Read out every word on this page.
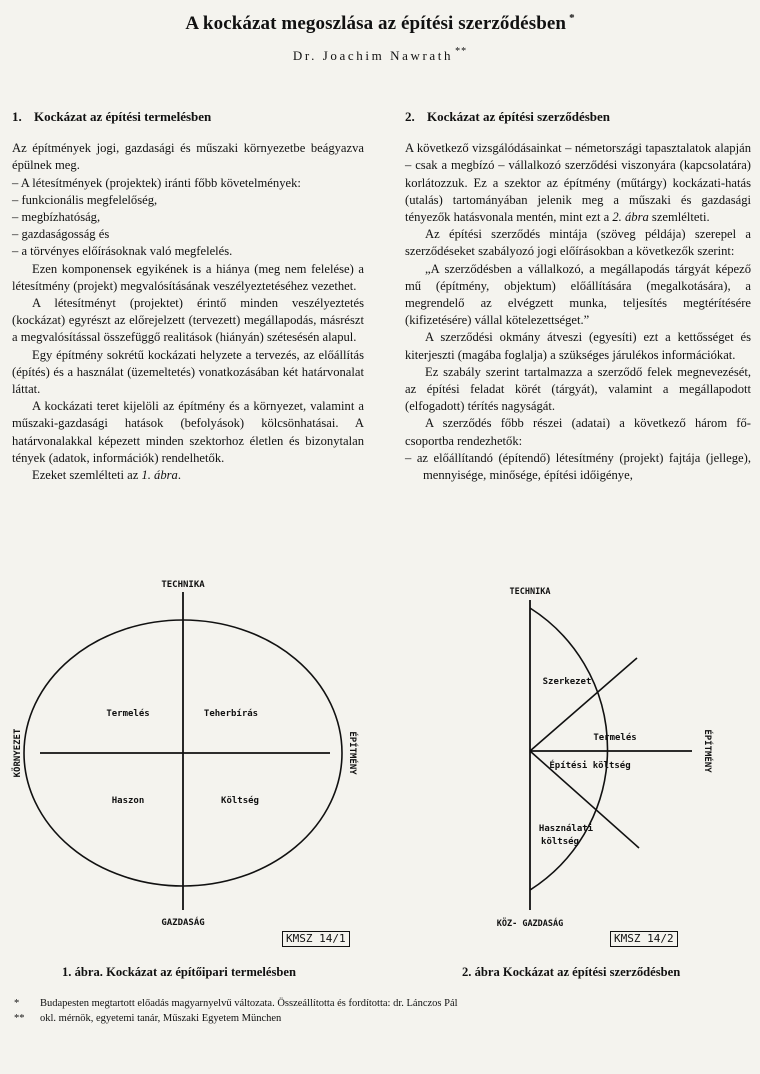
A kockázat megoszlása az építési szerződésben *
Dr. Joachim Nawrath **
1. Kockázat az építési termelésben

Az építmények jogi, gazdasági és műszaki környezetbe beágyazva épülnek meg.

– A létesítmények (projektek) iránti főbb követelmények:

– funkcionális megfelelőség,

– megbízhatóság,

– gazdaságosság és

– a törvényes előírásoknak való megfelelés.

Ezen komponensek egyikének is a hiánya (meg nem felelése) a létesítmény (projekt) megvalósításának veszélyeztetéséhez vezethet.

A létesítményt (projektet) érintő minden veszélyeztetés (kockázat) egyrészt az előrejelzett (tervezett) megállapodás, másrészt a megvalósítással összefüggő realitások (hiányán) szétesésén alapul.

Egy építmény sokrétű kockázati helyzete a tervezés, az előállítás (építés) és a használat (üzemeltetés) vonatkozásában két határvonalat láttat.

A kockázati teret kijelöli az építmény és a környezet, valamint a műszaki-gazdasági hatások (befolyások) kölcsönhatásai. A határvonalakkal képezett minden szektorhoz életlen és bizonytalan tények (adatok, információk) rendelhetők.

Ezeket szemlélteti az 1. ábra.

2. Kockázat az építési szerződésben

A következő vizsgálódásainkat – németországi tapasztalatok alapján – csak a megbízó – vállalkozó szerződési viszonyára (kapcsolatára) korlátozzuk. Ez a szektor az építmény (műtárgy) kockázati-hatás (utalás) tartományában jelenik meg a műszaki és gazdasági tényezők hatásvonala mentén, mint ezt a 2. ábra szemlélteti.

Az építési szerződés mintája (szöveg példája) szerepel a szerződéseket szabályozó jogi előírásokban a következők szerint:

„A szerződésben a vállalkozó, a megállapodás tárgyát képező mű (építmény, objektum) előállítására (megalkotására), a megrendelő az elvégzett munka, teljesítés megtérítésére (kifizetésére) vállal kötelezettséget.”

A szerződési okmány átveszi (egyesíti) ezt a kettősséget és kiterjeszti (magába foglalja) a szükséges járulékos információkat.

Ez szabály szerint tartalmazza a szerződő felek megnevezését, az építési feladat körét (tárgyát), valamint a megállapodott (elfogadott) térítés nagyságát.

A szerződés főbb részei (adatai) a következő három fő-csoportba rendezhetők:

– az előállítandó (építendő) létesítmény (projekt) fajtája (jellege), mennyisége, minősége, építési időigénye,

TECHNIKA
GAZDASÁG
KÖRNYEZET	ÉPÍTMÉNY
Termelés	Teherbírás
Haszon	Költség
KMSZ 14/1
1. ábra. Kockázat az építőipari termelésben
TECHNIKA
KÖZ- GAZDASÁG
ÉPÍTMÉNY
Szerkezet
Termelés
Építési költség
Használati
költség
KMSZ 14/2
2. ábra Kockázat az építési szerződésben
*	Budapesten megtartott előadás magyarnyelvű változata. Összeállította és fordította: dr. Lánczos Pál
**	okl. mérnök, egyetemi tanár, Műszaki Egyetem München
